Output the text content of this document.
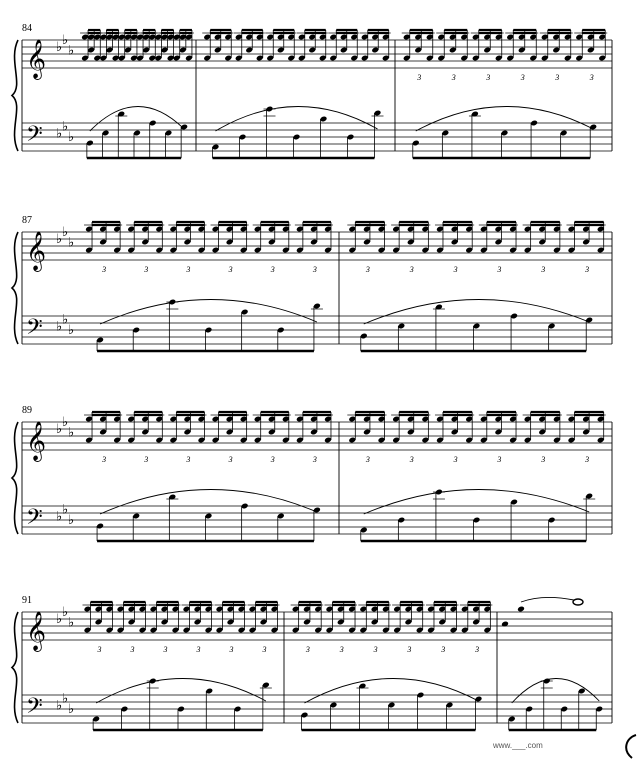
84
𝄞
𝄢
♭ ♭
♭
♭ ♭
♭
3	3	3	3	3	3
87
𝄞
𝄢
♭ ♭
♭
♭ ♭
♭
3	3	3	3	3	3	3	3	3	3	3	3
89
𝄞
𝄢
♭ ♭
♭
♭ ♭
♭
3	3	3	3	3	3	3	3	3	3	3	3
91
𝄞
𝄢
♭ ♭
♭
♭ ♭
♭
3	3	3	3	3	3	3	3	3	3	3	3
www.___.com
